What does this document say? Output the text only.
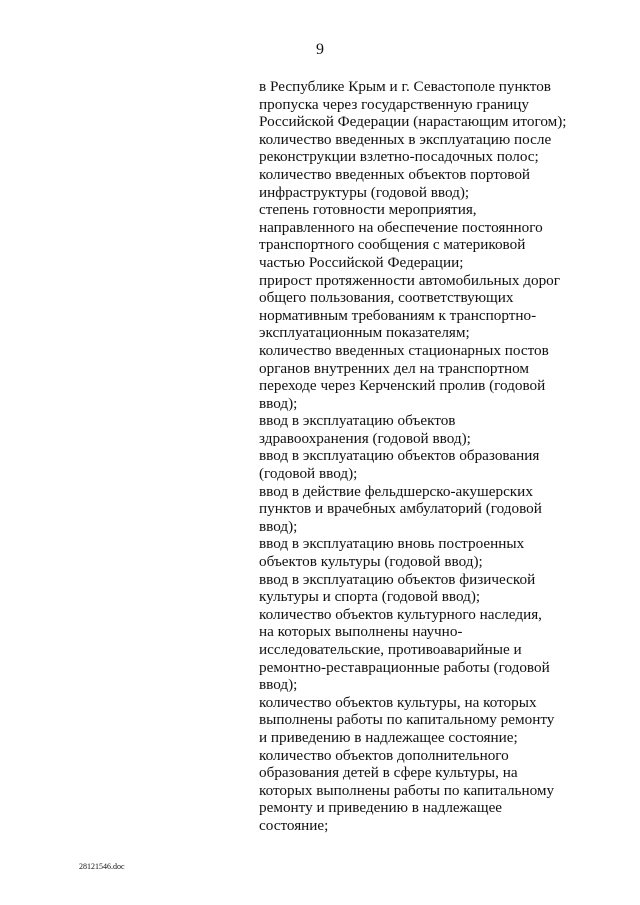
9
в Республике Крым и г. Севастополе пунктов
пропуска через государственную границу
Российской Федерации (нарастающим итогом);
количество введенных в эксплуатацию после
реконструкции взлетно-посадочных полос;
количество введенных объектов портовой
инфраструктуры (годовой ввод);
степень готовности мероприятия,
направленного на обеспечение постоянного
транспортного сообщения с материковой
частью Российской Федерации;
прирост протяженности автомобильных дорог
общего пользования, соответствующих
нормативным требованиям к транспортно-
эксплуатационным показателям;
количество введенных стационарных постов
органов внутренних дел на транспортном
переходе через Керченский пролив (годовой
ввод);
ввод в эксплуатацию объектов
здравоохранения (годовой ввод);
ввод в эксплуатацию объектов образования
(годовой ввод);
ввод в действие фельдшерско-акушерских
пунктов и врачебных амбулаторий (годовой
ввод);
ввод в эксплуатацию вновь построенных
объектов культуры (годовой ввод);
ввод в эксплуатацию объектов физической
культуры и спорта (годовой ввод);
количество объектов культурного наследия,
на которых выполнены научно-
исследовательские, противоаварийные и
ремонтно-реставрационные работы (годовой
ввод);
количество объектов культуры, на которых
выполнены работы по капитальному ремонту
и приведению в надлежащее состояние;
количество объектов дополнительного
образования детей в сфере культуры, на
которых выполнены работы по капитальному
ремонту и приведению в надлежащее
состояние;
28121546.doc
